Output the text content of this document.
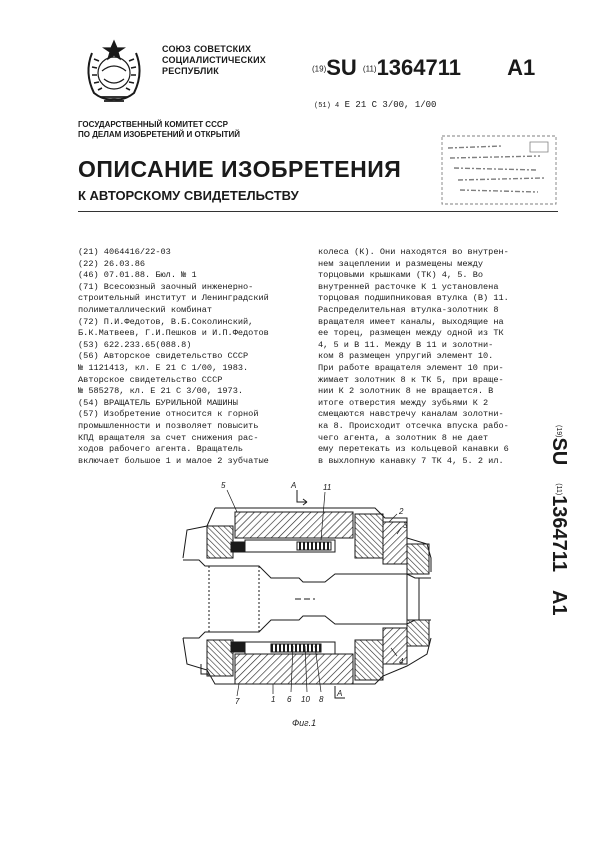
СОЮЗ СОВЕТСКИХ
СОЦИАЛИСТИЧЕСКИХ
РЕСПУБЛИК	(19)SU (11)1364711 A1
(51) 4 Е 21 С 3/00, 1/00
ГОСУДАРСТВЕННЫЙ КОМИТЕТ СССР
ПО ДЕЛАМ ИЗОБРЕТЕНИЙ И ОТКРЫТИЙ
ОПИСАНИЕ ИЗОБРЕТЕНИЯ
К АВТОРСКОМУ СВИДЕТЕЛЬСТВУ
(21) 4064416/22-03
(22) 26.03.86
(46) 07.01.88. Бюл. № 1
(71) Всесоюзный заочный инженерно-
строительный институт и Ленинградский
полиметаллический комбинат
(72) П.И.Федотов, В.Б.Соколинский,
Б.К.Матвеев, Г.И.Пешков и И.П.Федотов
(53) 622.233.65(088.8)
(56) Авторское свидетельство СССР
№ 1121413, кл. Е 21 С 1/00, 1983.
Авторское свидетельство СССР
№ 585278, кл. Е 21 С 3/00, 1973.
(54) ВРАЩАТЕЛЬ БУРИЛЬНОЙ МАШИНЫ
(57) Изобретение относится к горной
промышленности и позволяет повысить
КПД вращателя за счет снижения рас-
ходов рабочего агента. Вращатель
включает большое 1 и малое 2 зубчатые
колеса (К). Они находятся во внутрен-
нем зацеплении и размещены между
торцовыми крышками (ТК) 4, 5. Во
внутренней расточке К 1 установлена
торцовая подшипниковая втулка (В) 11.
Распределительная втулка-золотник 8
вращателя имеет каналы, выходящие на
ее торец, размещен между одной из ТК
4, 5 и В 11. Между В 11 и золотни-
ком 8 размещен упругий элемент 10.
При работе вращателя элемент 10 при-
жимает золотник 8 к ТК 5, при враще-
нии К 2 золотник 8 не вращается. В
итоге отверстия между зубьями К 2
смещаются навстречу каналам золотни-
ка 8. Происходит отсечка впуска рабо-
чего агента, а золотник 8 не дает
ему перетекать из кольцевой канавки 6
в выхлопную канавку 7 ТК 4, 5. 2 ил.
5	А	11
2
3
4
7	1 6 10 8
А
Фиг.1
(19)SU(11)1364711A1
